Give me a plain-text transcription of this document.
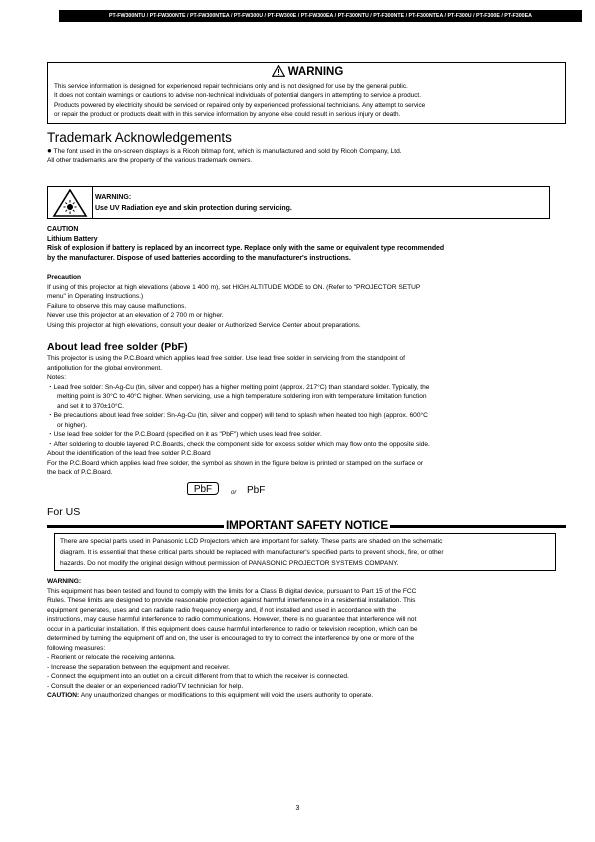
PT-FW300NTU / PT-FW300NTE / PT-FW300NTEA / PT-FW300U / PT-FW300E / PT-FW300EA / PT-F300NTU / PT-F300NTE / PT-F300NTEA / PT-F300U / PT-F300E / PT-F300EA
WARNING
This service information is designed for experienced repair technicians only and is not designed for use by the general public.
It does not contain warnings or cautions to advise non-technical individuals of potential dangers in attempting to service a product.
Products powered by electricity should be serviced or repaired only by experienced professional technicians. Any attempt to service
or repair the product or products dealt with in this service information by anyone else could result in serious injury or death.
Trademark Acknowledgements
● The font used in the on-screen displays is a Ricoh bitmap font, which is manufactured and sold by Ricoh Company, Ltd.
All other trademarks are the property of the various trademark owners.
WARNING:
Use UV Radiation eye and skin protection during servicing.
CAUTION
Lithium Battery
Risk of explosion if battery is replaced by an incorrect type. Replace only with the same or equivalent type recommended
by the manufacturer. Dispose of used batteries according to the manufacturer's instructions.
Precaution
If using of this projector at high elevations (above 1 400 m), set HIGH ALTITUDE MODE to ON. (Refer to "PROJECTOR SETUP
menu" in Operating Instructions.)
Failure to observe this may cause malfunctions.
Never use this projector at an elevation of 2 700 m or higher.
Using this projector at high elevations, consult your dealer or Authorized Service Center about preparations.
About lead free solder (PbF)
This projector is using the P.C.Board which applies lead free solder. Use lead free solder in servicing from the standpoint of
antipollution for the global environment.
Notes:
・Lead free solder: Sn-Ag-Cu (tin, silver and copper) has a higher melting point (approx. 217°C) than standard solder. Typically, the
melting point is 30°C to 40°C higher. When servicing, use a high temperature soldering iron with temperature limitation function
and set it to 370±10°C.
・Be precautions about lead free solder: Sn-Ag-Cu (tin, silver and copper) will tend to splash when heated too high (approx. 600°C
or higher).
・Use lead free solder for the P.C.Board (specified on it as "PbF") which uses lead free solder.
・After soldering to double layered P.C.Boards, check the component side for excess solder which may flow onto the opposite side.
About the identification of the lead free solder P.C.Board
For the P.C.Board which applies lead free solder, the symbol as shown in the figure below is printed or stamped on the surface or
the back of P.C.Board.
PbF	or PbF
For US
IMPORTANT SAFETY NOTICE
There are special parts used in Panasonic LCD Projectors which are important for safety. These parts are shaded on the schematic
diagram. It is essential that these critical parts should be replaced with manufacturer's specified parts to prevent shock, fire, or other
hazards. Do not modify the original design without permission of PANASONIC PROJECTOR SYSTEMS COMPANY.
WARNING:
This equipment has been tested and found to comply with the limits for a Class B digital device, pursuant to Part 15 of the FCC
Rules. These limits are designed to provide reasonable protection against harmful interference in a residential installation. This
equipment generates, uses and can radiate radio frequency energy and, if not installed and used in accordance with the
instructions, may cause harmful interference to radio communications. However, there is no guarantee that interference will not
occur in a particular installation. If this equipment does cause harmful interference to radio or television reception, which can be
determined by turning the equipment off and on, the user is encouraged to try to correct the interference by one or more of the
following measures:
- Reorient or relocate the receiving antenna.
- Increase the separation between the equipment and receiver.
- Connect the equipment into an outlet on a circuit different from that to which the receiver is connected.
- Consult the dealer or an experienced radio/TV technician for help.
CAUTION: Any unauthorized changes or modifications to this equipment will void the users authority to operate.
3
